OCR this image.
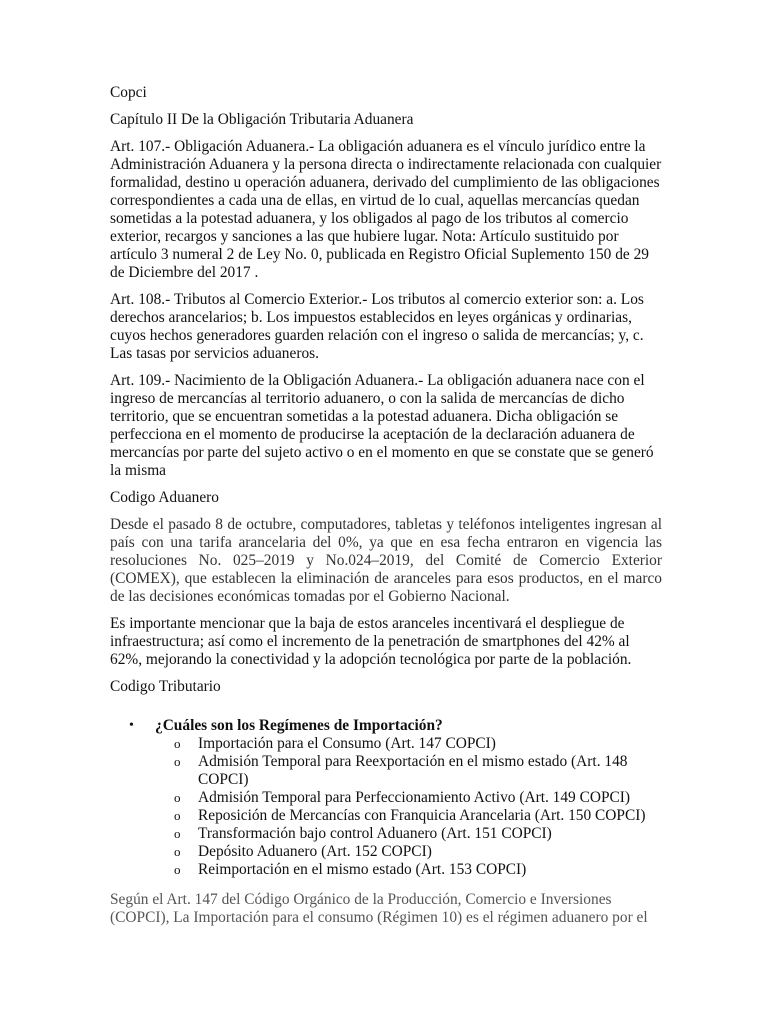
Copci

Capítulo II De la Obligación Tributaria Aduanera

Art. 107.- Obligación Aduanera.- La obligación aduanera es el vínculo jurídico entre la Administración Aduanera y la persona directa o indirectamente relacionada con cualquier formalidad, destino u operación aduanera, derivado del cumplimiento de las obligaciones correspondientes a cada una de ellas, en virtud de lo cual, aquellas mercancías quedan sometidas a la potestad aduanera, y los obligados al pago de los tributos al comercio exterior, recargos y sanciones a las que hubiere lugar. Nota: Artículo sustituido por artículo 3 numeral 2 de Ley No. 0, publicada en Registro Oficial Suplemento 150 de 29 de Diciembre del 2017 .

Art. 108.- Tributos al Comercio Exterior.- Los tributos al comercio exterior son: a. Los derechos arancelarios; b. Los impuestos establecidos en leyes orgánicas y ordinarias, cuyos hechos generadores guarden relación con el ingreso o salida de mercancías; y, c. Las tasas por servicios aduaneros.

Art. 109.- Nacimiento de la Obligación Aduanera.- La obligación aduanera nace con el ingreso de mercancías al territorio aduanero, o con la salida de mercancías de dicho territorio, que se encuentran sometidas a la potestad aduanera. Dicha obligación se perfecciona en el momento de producirse la aceptación de la declaración aduanera de mercancías por parte del sujeto activo o en el momento en que se constate que se generó la misma

Codigo Aduanero

Desde el pasado 8 de octubre, computadores, tabletas y teléfonos inteligentes ingresan al país con una tarifa arancelaria del 0%, ya que en esa fecha entraron en vigencia las resoluciones No. 025–2019 y No.024–2019, del Comité de Comercio Exterior (COMEX), que establecen la eliminación de aranceles para esos productos, en el marco de las decisiones económicas tomadas por el Gobierno Nacional.

Es importante mencionar que la baja de estos aranceles incentivará el despliegue de infraestructura; así como el incremento de la penetración de smartphones del 42% al 62%, mejorando la conectividad y la adopción tecnológica por parte de la población.

Codigo Tributario

• ¿Cuáles son los Regímenes de Importación?
o Importación para el Consumo (Art. 147 COPCI)
o Admisión Temporal para Reexportación en el mismo estado (Art. 148 COPCI)
o Admisión Temporal para Perfeccionamiento Activo (Art. 149 COPCI)
o Reposición de Mercancías con Franquicia Arancelaria (Art. 150 COPCI)
o Transformación bajo control Aduanero (Art. 151 COPCI)
o Depósito Aduanero (Art. 152 COPCI)
o Reimportación en el mismo estado (Art. 153 COPCI)

Según el Art. 147 del Código Orgánico de la Producción, Comercio e Inversiones (COPCI), La Importación para el consumo (Régimen 10) es el régimen aduanero por el
